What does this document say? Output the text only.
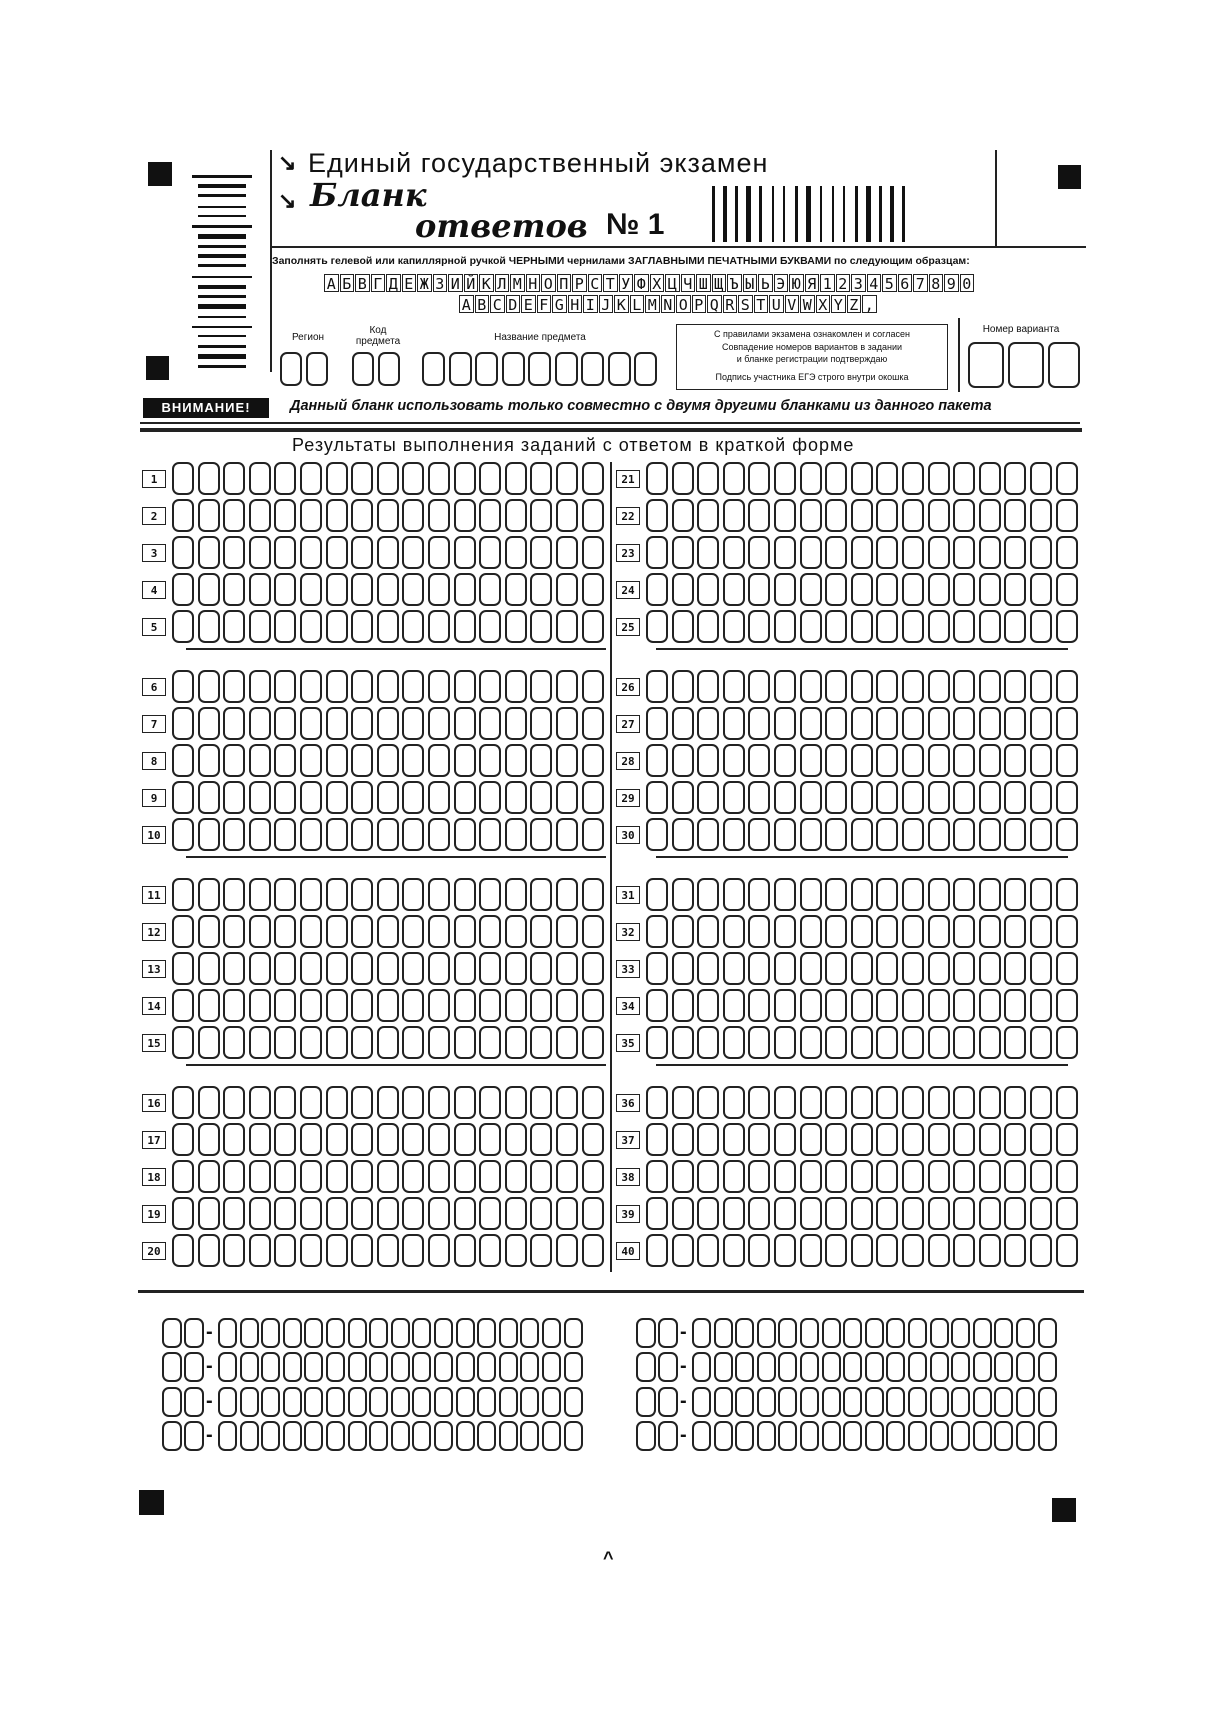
↘ Единый государственный экзамен
↘ Бланк
ответов № 1
Заполнять гелевой или капиллярной ручкой ЧЕРНЫМИ чернилами ЗАГЛАВНЫМИ ПЕЧАТНЫМИ БУКВАМИ по следующим образцам:
А Б В Г Д Е Ж З И Й К Л М Н О П Р С Т У Ф Х Ц Ч Ш Щ Ъ Ы Ь Э Ю Я 1 2 3 4 5 6 7 8 9 0
A B C D E F G H I J K L M N O P Q R S T U V W X Y Z ,
Регион
Код предмета	Название предмета	С правилами экзамена ознакомлен и согласен
Совпадение номеров вариантов в задании
и бланке регистрации подтверждаю
Подпись участника ЕГЭ строго внутри окошка
Номер варианта
ВНИМАНИЕ!	Данный бланк использовать только совместно с двумя другими бланками из данного пакета
Результаты выполнения заданий с ответом в краткой форме
1
2
3
4
5
6
7
8
9
10
11
12
13
14
15
16
17
18
19
20
21
22
23
24
25
26
27
28
29
30
31
32
33
34
35
36
37
38
39
40
-	-
-	-
-	-
-	-
^
